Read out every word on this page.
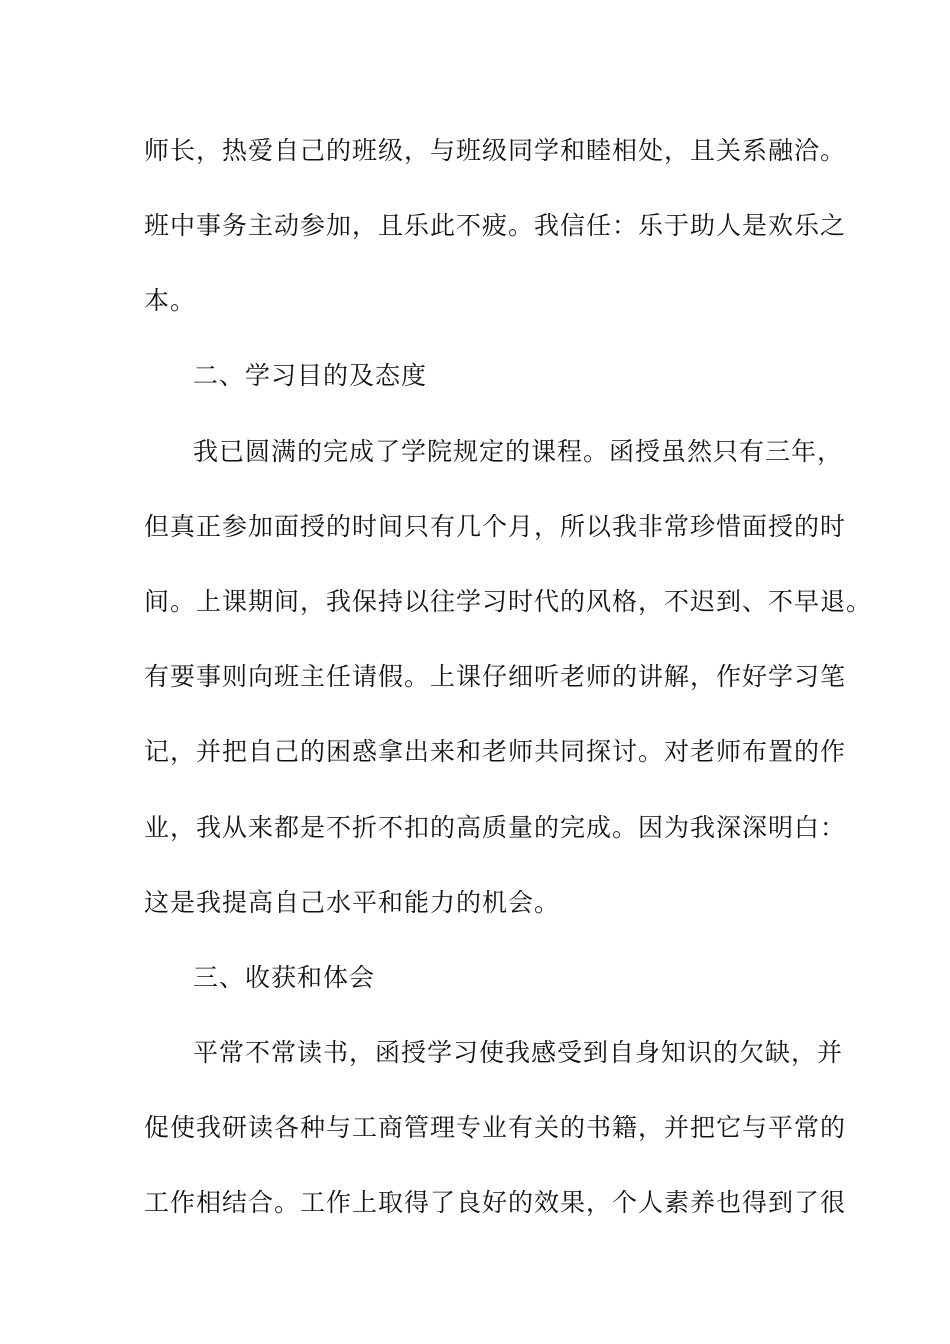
师长，热爱自己的班级，与班级同学和睦相处，且关系融洽。
班中事务主动参加，且乐此不疲。我信任：乐于助人是欢乐之
本。
二、学习目的及态度
我已圆满的完成了学院规定的课程。函授虽然只有三年，
但真正参加面授的时间只有几个月，所以我非常珍惜面授的时
间。上课期间，我保持以往学习时代的风格，不迟到、不早退。
有要事则向班主任请假。上课仔细听老师的讲解，作好学习笔
记，并把自己的困惑拿出来和老师共同探讨。对老师布置的作
业，我从来都是不折不扣的高质量的完成。因为我深深明白：
这是我提高自己水平和能力的机会。
三、收获和体会
平常不常读书，函授学习使我感受到自身知识的欠缺，并
促使我研读各种与工商管理专业有关的书籍，并把它与平常的
工作相结合。工作上取得了良好的效果，个人素养也得到了很
